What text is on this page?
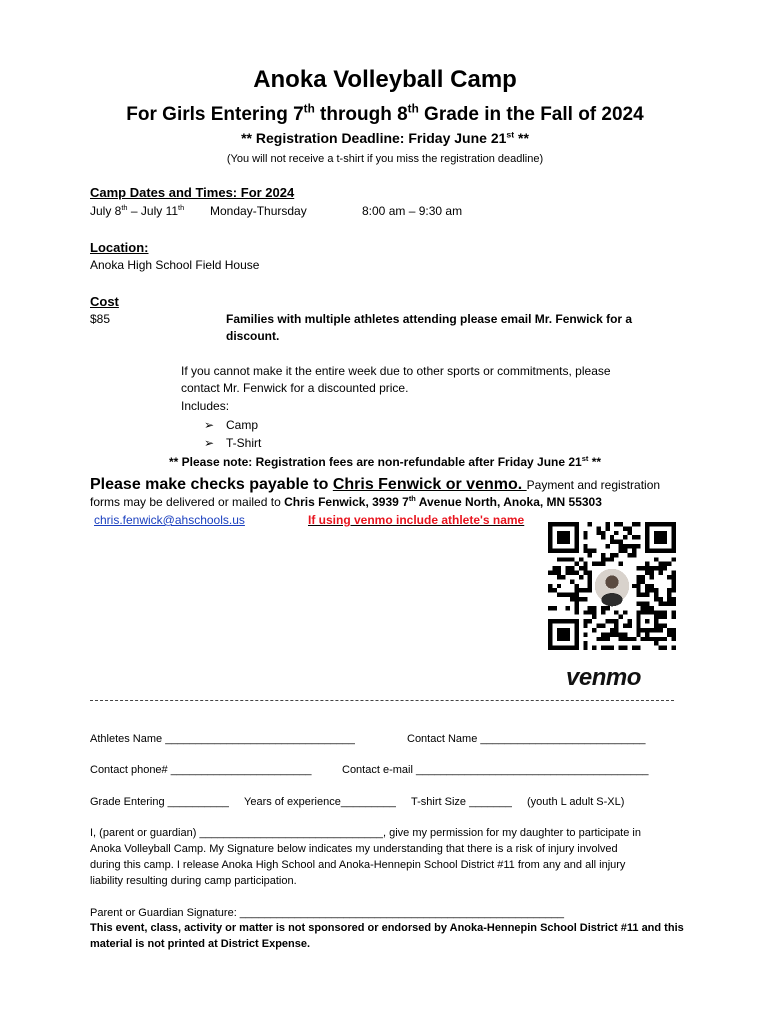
Anoka Volleyball Camp
For Girls Entering 7th through 8th Grade in the Fall of 2024
** Registration Deadline: Friday June 21st **
(You will not receive a t-shirt if you miss the registration deadline)
Camp Dates and Times: For 2024
July 8th – July 11th Monday-Thursday	8:00 am – 9:30 am
Location:
Anoka High School Field House
Cost
$85	Families with multiple athletes attending please email Mr. Fenwick for a
discount.
If you cannot make it the entire week due to other sports or commitments, please
contact Mr. Fenwick for a discounted price.
Includes:
➢ Camp
➢ T-Shirt
** Please note: Registration fees are non-refundable after Friday June 21st **
Please make checks payable to Chris Fenwick or venmo. Payment and registration
forms may be delivered or mailed to Chris Fenwick, 3939 7th Avenue North, Anoka, MN 55303
chris.fenwick@ahschools.us	If using venmo include athlete's name
venmo
Athletes Name _______________________________	Contact Name ___________________________
Contact phone# _______________________	Contact e-mail ______________________________________
Grade Entering __________ Years of experience_________ T-shirt Size _______ (youth L adult S-XL)
I, (parent or guardian) ______________________________, give my permission for my daughter to participate in
Anoka Volleyball Camp. My Signature below indicates my understanding that there is a risk of injury involved
during this camp. I release Anoka High School and Anoka-Hennepin School District #11 from any and all injury
liability resulting during camp participation.
Parent or Guardian Signature: _____________________________________________________
This event, class, activity or matter is not sponsored or endorsed by Anoka-Hennepin School District #11 and this
material is not printed at District Expense.
